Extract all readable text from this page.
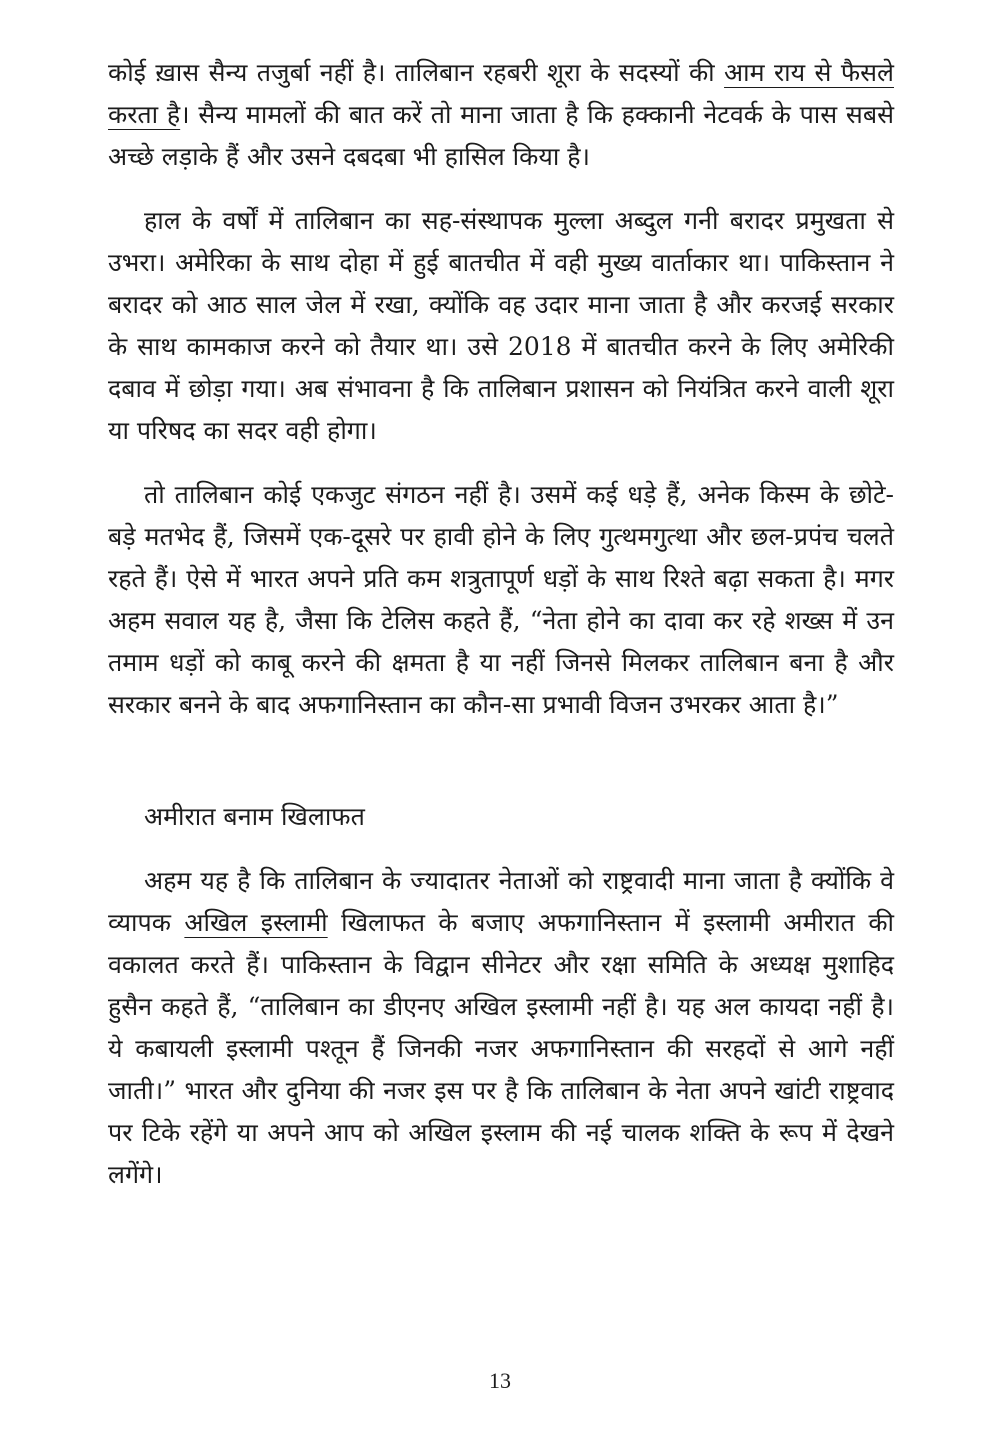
कोई ख़ास सैन्य तजुर्बा नहीं है। तालिबान रहबरी शूरा के सदस्यों की आम राय से फैसले करता है। सैन्य मामलों की बात करें तो माना जाता है कि हक्कानी नेटवर्क के पास सबसे अच्छे लड़ाके हैं और उसने दबदबा भी हासिल किया है।

हाल के वर्षों में तालिबान का सह-संस्थापक मुल्ला अब्दुल गनी बरादर प्रमुखता से उभरा। अमेरिका के साथ दोहा में हुई बातचीत में वही मुख्य वार्ताकार था। पाकिस्तान ने बरादर को आठ साल जेल में रखा, क्योंकि वह उदार माना जाता है और करजई सरकार के साथ कामकाज करने को तैयार था। उसे 2018 में बातचीत करने के लिए अमेरिकी दबाव में छोड़ा गया। अब संभावना है कि तालिबान प्रशासन को नियंत्रित करने वाली शूरा या परिषद का सदर वही होगा।

तो तालिबान कोई एकजुट संगठन नहीं है। उसमें कई धड़े हैं, अनेक किस्म के छोटे-बड़े मतभेद हैं, जिसमें एक-दूसरे पर हावी होने के लिए गुत्थमगुत्था और छल-प्रपंच चलते रहते हैं। ऐसे में भारत अपने प्रति कम शत्रुतापूर्ण धड़ों के साथ रिश्ते बढ़ा सकता है। मगर अहम सवाल यह है, जैसा कि टेलिस कहते हैं, “नेता होने का दावा कर रहे शख्स में उन तमाम धड़ों को काबू करने की क्षमता है या नहीं जिनसे मिलकर तालिबान बना है और सरकार बनने के बाद अफगानिस्तान का कौन-सा प्रभावी विजन उभरकर आता है।”

अमीरात बनाम खिलाफत

अहम यह है कि तालिबान के ज्यादातर नेताओं को राष्ट्रवादी माना जाता है क्योंकि वे व्यापक अखिल इस्लामी खिलाफत के बजाए अफगानिस्तान में इस्लामी अमीरात की वकालत करते हैं। पाकिस्तान के विद्वान सीनेटर और रक्षा समिति के अध्यक्ष मुशाहिद हुसैन कहते हैं, “तालिबान का डीएनए अखिल इस्लामी नहीं है। यह अल कायदा नहीं है। ये कबायली इस्लामी पश्तून हैं जिनकी नजर अफगानिस्तान की सरहदों से आगे नहीं जाती।” भारत और दुनिया की नजर इस पर है कि तालिबान के नेता अपने खांटी राष्ट्रवाद पर टिके रहेंगे या अपने आप को अखिल इस्लाम की नई चालक शक्ति के रूप में देखने लगेंगे।

13
